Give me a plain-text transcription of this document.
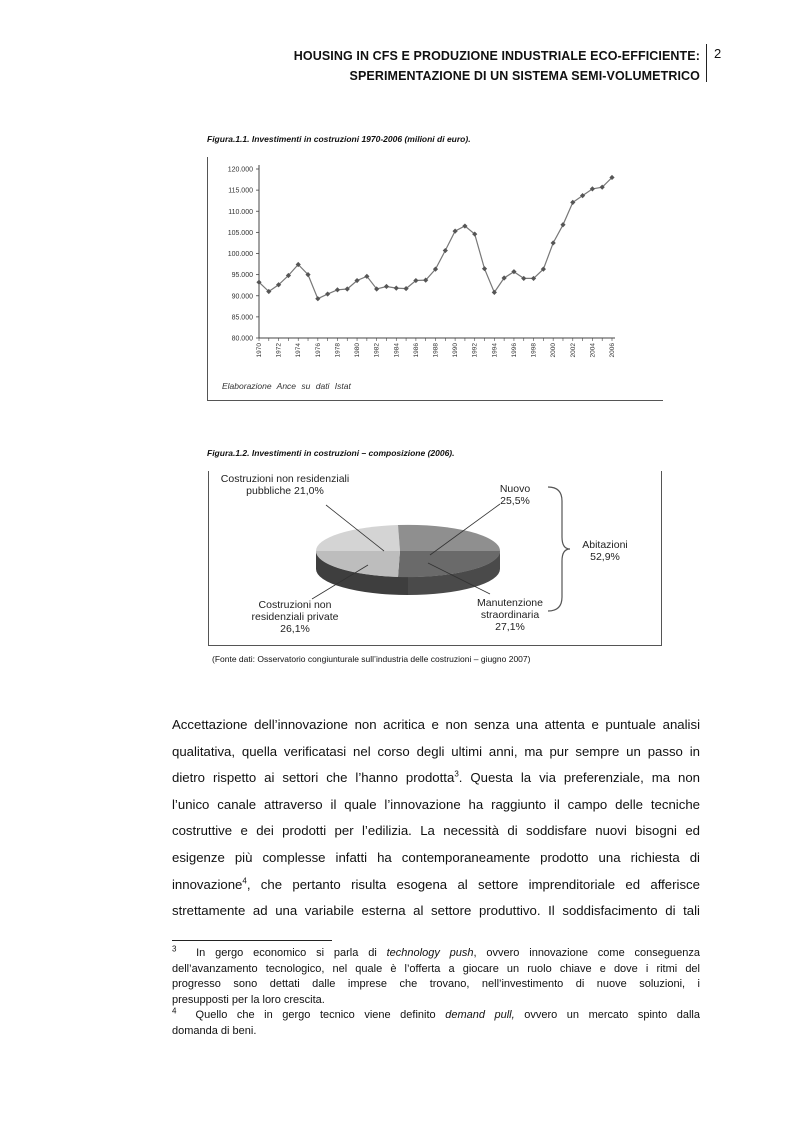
HOUSING IN CFS E PRODUZIONE INDUSTRIALE ECO-EFFICIENTE:
SPERIMENTAZIONE DI UN SISTEMA SEMI-VOLUMETRICO
2
Figura.1.1. Investimenti in costruzioni 1970-2006 (milioni di euro).
80.000
85.000
90.000
95.000
100.000
105.000
110.000
115.000
120.000
1970 1972 1974 1976 1978 1980 1982 1984 1986 1988 1990 1992 1994 1996 1998 2000 2002 2004 2006
Elaborazione Ance su dati Istat
Figura.1.2. Investimenti in costruzioni – composizione (2006).
Costruzioni non residenziali
pubbliche 21,0%	Nuovo
25,5%
Abitazioni
52,9%
Costruzioni non
residenziali private
26,1%
Manutenzione
straordinaria
27,1%
(Fonte dati: Osservatorio congiunturale sull’industria delle costruzioni – giugno 2007)
Accettazione dell’innovazione non acritica e non senza una attenta e puntuale analisi
qualitativa, quella verificatasi nel corso degli ultimi anni, ma pur sempre un passo in
dietro rispetto ai settori che l’hanno prodotta$^3$. Questa la via preferenziale, ma non
l’unico canale attraverso il quale l’innovazione ha raggiunto il campo delle tecniche
costruttive e dei prodotti per l’edilizia. La necessità di soddisfare nuovi bisogni ed
esigenze più complesse infatti ha contemporaneamente prodotto una richiesta di
innovazione$^4$, che pertanto risulta esogena al settore imprenditoriale ed afferisce
strettamente ad una variabile esterna al settore produttivo. Il soddisfacimento di tali
$^3$ In gergo economico si parla di technology push, ovvero innovazione come conseguenza
dell’avanzamento tecnologico, nel quale è l’offerta a giocare un ruolo chiave e dove i ritmi del
progresso sono dettati dalle imprese che trovano, nell’investimento di nuove soluzioni, i
presupposti per la loro crescita.
$^4$ Quello che in gergo tecnico viene definito demand pull, ovvero un mercato spinto dalla
domanda di beni.
